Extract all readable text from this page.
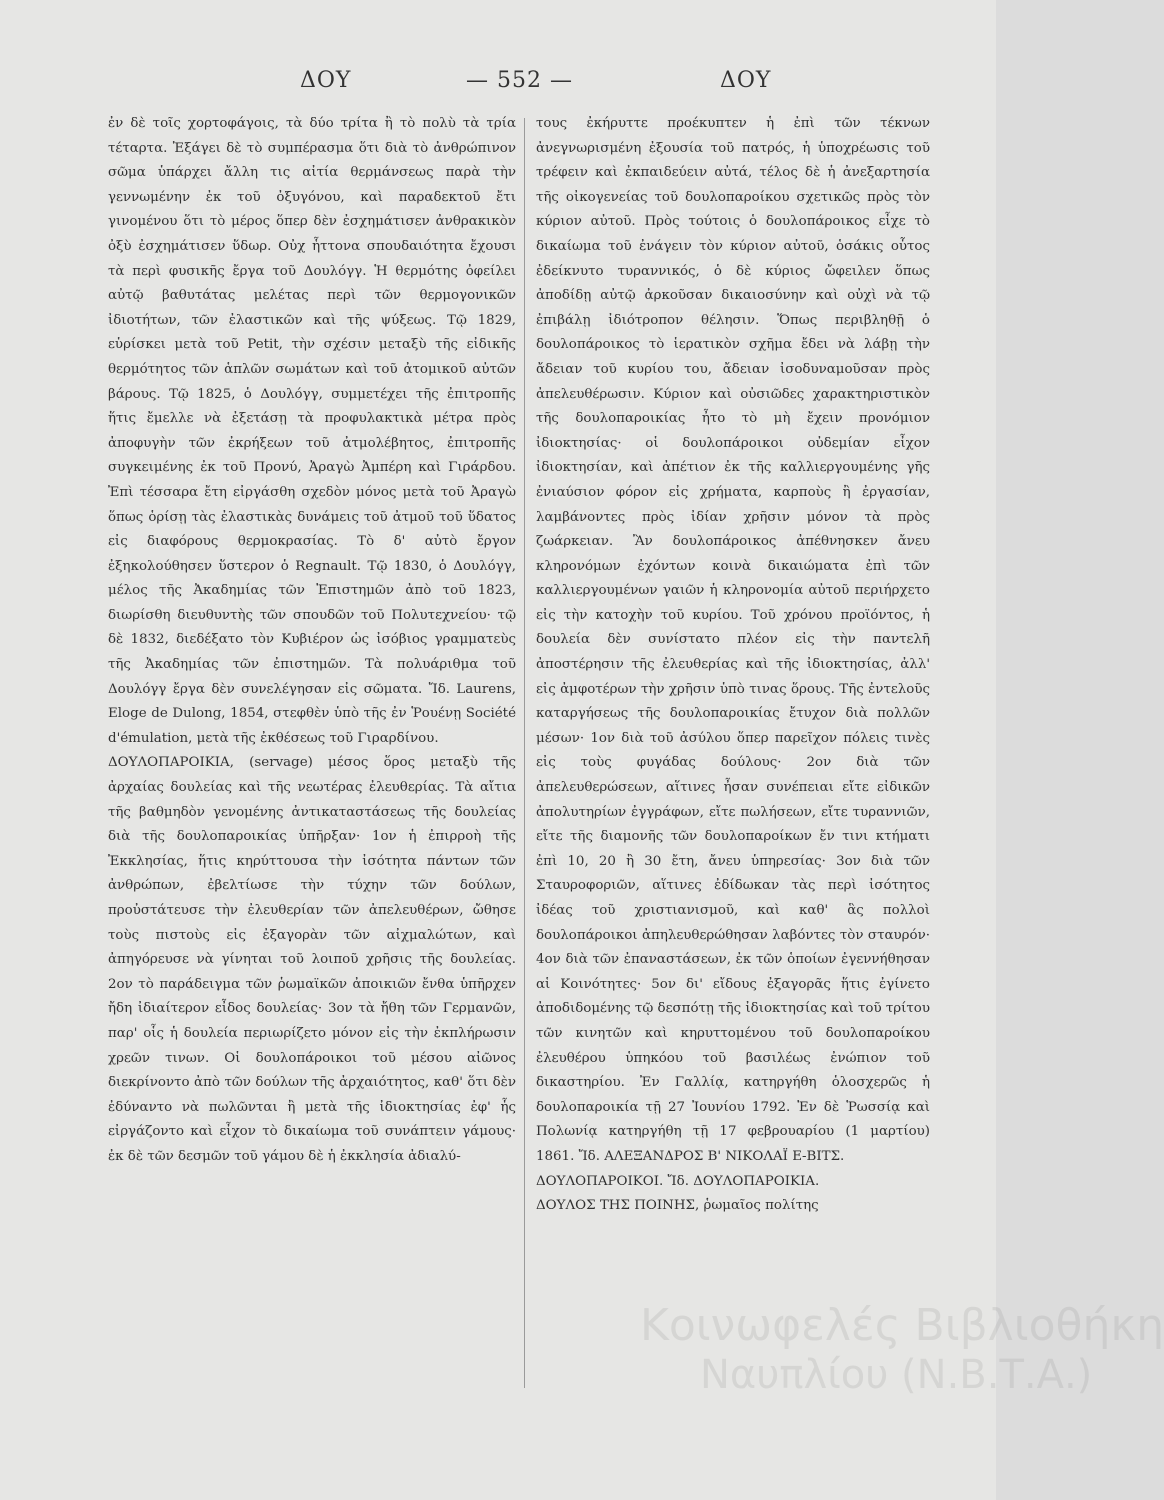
ΔΟΥ	— 552 —	ΔΟΥ

ἐν δὲ τοῖς χορτοφάγοις, τὰ δύο τρίτα ἢ τὸ πολὺ τὰ τρία τέταρτα. Ἐξάγει δὲ τὸ συμπέρασμα ὅτι διὰ τὸ ἀνθρώπινον σῶμα ὑπάρχει ἄλλη τις αἰτία θερμάνσεως παρὰ τὴν γεννωμένην ἐκ τοῦ ὀξυγόνου, καὶ παραδεκτοῦ ἔτι γινομένου ὅτι τὸ μέρος ὅπερ δὲν ἐσχημάτισεν ἀνθρακικὸν ὀξὺ ἐσχημάτισεν ὕδωρ. Οὐχ ἧττονα σπουδαιότητα ἔχουσι τὰ περὶ φυσικῆς ἔργα τοῦ Δουλόγγ. Ἡ θερμότης ὀφείλει αὐτῷ βαθυτάτας μελέτας περὶ τῶν θερμογονικῶν ἰδιοτήτων, τῶν ἐλαστικῶν καὶ τῆς ψύξεως. Τῷ 1829, εὑρίσκει μετὰ τοῦ Petit, τὴν σχέσιν μεταξὺ τῆς εἰδικῆς θερμότητος τῶν ἁπλῶν σωμάτων καὶ τοῦ ἀτομικοῦ αὐτῶν βάρους. Τῷ 1825, ὁ Δουλόγγ, συμμετέχει τῆς ἐπιτροπῆς ἥτις ἔμελλε νὰ ἐξετάσῃ τὰ προφυλακτικὰ μέτρα πρὸς ἀποφυγὴν τῶν ἐκρήξεων τοῦ ἀτμολέβητος, ἐπιτροπῆς συγκειμένης ἐκ τοῦ Προνύ, Ἀραγὼ Ἀμπέρη καὶ Γιράρδου. Ἐπὶ τέσσαρα ἔτη εἰργάσθη σχεδὸν μόνος μετὰ τοῦ Ἀραγὼ ὅπως ὁρίσῃ τὰς ἐλαστικὰς δυνάμεις τοῦ ἀτμοῦ τοῦ ὕδατος εἰς διαφόρους θερμοκρασίας. Τὸ δ' αὐτὸ ἔργον ἐξηκολούθησεν ὕστερον ὁ Regnault. Τῷ 1830, ὁ Δουλόγγ, μέλος τῆς Ἀκαδημίας τῶν Ἐπιστημῶν ἀπὸ τοῦ 1823, διωρίσθη διευθυντὴς τῶν σπουδῶν τοῦ Πολυτεχνείου· τῷ δὲ 1832, διεδέξατο τὸν Κυβιέρον ὡς ἰσόβιος γραμματεὺς τῆς Ἀκαδημίας τῶν ἐπιστημῶν. Τὰ πολυάριθμα τοῦ Δουλόγγ ἔργα δὲν συνελέγησαν εἰς σῶματα. Ἴδ. Laurens, Eloge de Dulong, 1854, στεφθὲν ὑπὸ τῆς ἐν Ῥουένῃ Société d'émulation, μετὰ τῆς ἐκθέσεως τοῦ Γιραρδίνου.

ΔΟΥΛΟΠΑΡΟΙΚΙΑ, (servage) μέσος ὅρος μεταξὺ τῆς ἀρχαίας δουλείας καὶ τῆς νεωτέρας ἐλευθερίας. Τὰ αἴτια τῆς βαθμηδὸν γενομένης ἀντικαταστάσεως τῆς δουλείας διὰ τῆς δουλοπαροικίας ὑπῆρξαν· 1ον ἡ ἐπιρροὴ τῆς Ἐκκλησίας, ἥτις κηρύττουσα τὴν ἰσότητα πάντων τῶν ἀνθρώπων, ἐβελτίωσε τὴν τύχην τῶν δούλων, προὐστάτευσε τὴν ἐλευθερίαν τῶν ἀπελευθέρων, ὤθησε τοὺς πιστοὺς εἰς ἐξαγορὰν τῶν αἰχμαλώτων, καὶ ἀπηγόρευσε νὰ γίνηται τοῦ λοιποῦ χρῆσις τῆς δουλείας. 2ον τὸ παράδειγμα τῶν ῥωμαϊκῶν ἀποικιῶν ἔνθα ὑπῆρχεν ἤδη ἰδιαίτερον εἶδος δουλείας· 3ον τὰ ἤθη τῶν Γερμανῶν, παρ' οἷς ἡ δουλεία περιωρίζετο μόνον εἰς τὴν ἐκπλήρωσιν χρεῶν τινων. Οἱ δουλοπάροικοι τοῦ μέσου αἰῶνος διεκρίνοντο ἀπὸ τῶν δούλων τῆς ἀρχαιότητος, καθ' ὅτι δὲν ἐδύναντο νὰ πωλῶνται ἢ μετὰ τῆς ἰδιοκτησίας ἐφ' ἧς εἰργάζοντο καὶ εἶχον τὸ δικαίωμα τοῦ συνάπτειν γάμους· ἐκ δὲ τῶν δεσμῶν τοῦ γάμου δὲ ἡ ἐκκλησία ἀδιαλύ-

τους ἐκήρυττε προέκυπτεν ἡ ἐπὶ τῶν τέκνων ἀνεγνωρισμένη ἐξουσία τοῦ πατρός, ἡ ὑποχρέωσις τοῦ τρέφειν καὶ ἐκπαιδεύειν αὐτά, τέλος δὲ ἡ ἀνεξαρτησία τῆς οἰκογενείας τοῦ δουλοπαροίκου σχετικῶς πρὸς τὸν κύριον αὐτοῦ. Πρὸς τούτοις ὁ δουλοπάροικος εἶχε τὸ δικαίωμα τοῦ ἐνάγειν τὸν κύριον αὐτοῦ, ὁσάκις οὗτος ἐδείκνυτο τυραννικός, ὁ δὲ κύριος ὤφειλεν ὅπως ἀποδίδῃ αὐτῷ ἀρκοῦσαν δικαιοσύνην καὶ οὐχὶ νὰ τῷ ἐπιβάλῃ ἰδιότροπον θέλησιν. Ὅπως περιβληθῇ ὁ δουλοπάροικος τὸ ἱερατικὸν σχῆμα ἔδει νὰ λάβῃ τὴν ἄδειαν τοῦ κυρίου του, ἄδειαν ἰσοδυναμοῦσαν πρὸς ἀπελευθέρωσιν. Κύριον καὶ οὐσιῶδες χαρακτηριστικὸν τῆς δουλοπαροικίας ἦτο τὸ μὴ ἔχειν προνόμιον ἰδιοκτησίας· οἱ δουλοπάροικοι οὐδεμίαν εἶχον ἰδιοκτησίαν, καὶ ἀπέτιον ἐκ τῆς καλλιεργουμένης γῆς ἐνιαύσιον φόρον εἰς χρήματα, καρποὺς ἢ ἐργασίαν, λαμβάνοντες πρὸς ἰδίαν χρῆσιν μόνον τὰ πρὸς ζωάρκειαν. Ἂν δουλοπάροικος ἀπέθνησκεν ἄνευ κληρονόμων ἐχόντων κοινὰ δικαιώματα ἐπὶ τῶν καλλιεργουμένων γαιῶν ἡ κληρονομία αὐτοῦ περιήρχετο εἰς τὴν κατοχὴν τοῦ κυρίου. Τοῦ χρόνου προϊόντος, ἡ δουλεία δὲν συνίστατο πλέον εἰς τὴν παντελῆ ἀποστέρησιν τῆς ἐλευθερίας καὶ τῆς ἰδιοκτησίας, ἀλλ' εἰς ἀμφοτέρων τὴν χρῆσιν ὑπὸ τινας ὅρους. Τῆς ἐντελοῦς καταργήσεως τῆς δουλοπαροικίας ἔτυχον διὰ πολλῶν μέσων· 1ον διὰ τοῦ ἀσύλου ὅπερ παρεῖχον πόλεις τινὲς εἰς τοὺς φυγάδας δούλους· 2ον διὰ τῶν ἀπελευθερώσεων, αἵτινες ἦσαν συνέπειαι εἴτε εἰδικῶν ἀπολυτηρίων ἐγγράφων, εἴτε πωλήσεων, εἴτε τυραννιῶν, εἴτε τῆς διαμονῆς τῶν δουλοπαροίκων ἔν τινι κτήματι ἐπὶ 10, 20 ἢ 30 ἔτη, ἄνευ ὑπηρεσίας· 3ον διὰ τῶν Σταυροφοριῶν, αἵτινες ἐδίδωκαν τὰς περὶ ἰσότητος ἰδέας τοῦ χριστιανισμοῦ, καὶ καθ' ἃς πολλοὶ δουλοπάροικοι ἀπηλευθερώθησαν λαβόντες τὸν σταυρόν· 4ον διὰ τῶν ἐπαναστάσεων, ἐκ τῶν ὁποίων ἐγεννήθησαν αἱ Κοινότητες· 5ον δι' εἴδους ἐξαγορᾶς ἥτις ἐγίνετο ἀποδιδομένης τῷ δεσπότῃ τῆς ἰδιοκτησίας καὶ τοῦ τρίτου τῶν κινητῶν καὶ κηρυττομένου τοῦ δουλοπαροίκου ἐλευθέρου ὑπηκόου τοῦ βασιλέως ἐνώπιον τοῦ δικαστηρίου. Ἐν Γαλλίᾳ, κατηργήθη ὁλοσχερῶς ἡ δουλοπαροικία τῇ 27 Ἰουνίου 1792. Ἐν δὲ Ῥωσσίᾳ καὶ Πολωνίᾳ κατηργήθη τῇ 17 φεβρουαρίου (1 μαρτίου) 1861. Ἴδ. ΑΛΕΞΑΝΔΡΟΣ Β' ΝΙΚΟΛΑΪ Ε-ΒΙΤΣ.

ΔΟΥΛΟΠΑΡΟΙΚΟΙ. Ἴδ. ΔΟΥΛΟΠΑΡΟΙΚΙΑ.

ΔΟΥΛΟΣ ΤΗΣ ΠΟΙΝΗΣ, ῥωμαῖος πολίτης

Κοινωφελές Βιβλιοθήκη
Ναυπλίου (Ν.Β.Τ.Α.)
